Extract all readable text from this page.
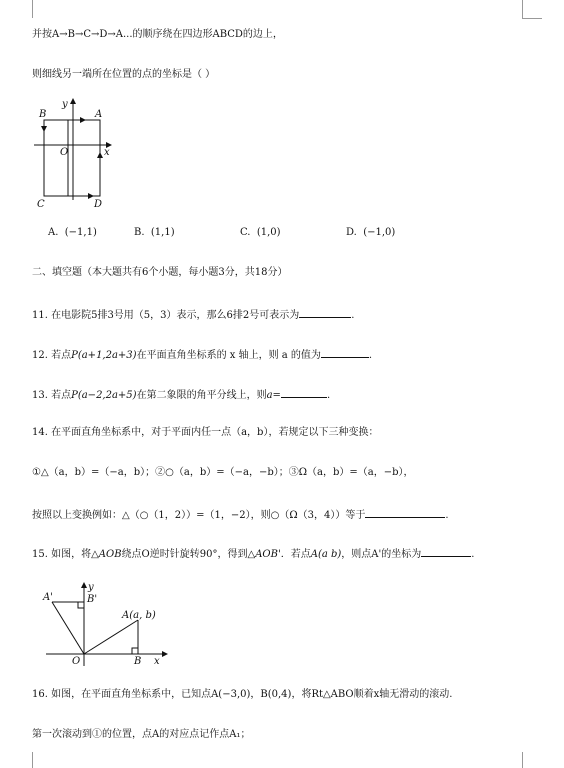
并按A→B→C→D→A...的顺序绕在四边形ABCD的边上，
则细线另一端所在位置的点的坐标是（ ）
y
B	A
O	x
C	D
A. (−1,1)	B. (1,1)	C. (1,0)	D. (−1,0)
二、填空题（本大题共有6个小题，每小题3分，共18分）
11. 在电影院5排3号用（5，3）表示，那么6排2号可表示为	.
12. 若点P(a+1,2a+3)在平面直角坐标系的 x 轴上，则 a 的值为	.
13. 若点P(a−2,2a+5)在第二象限的角平分线上，则a=	.
14. 在平面直角坐标系中，对于平面内任一点（a，b），若规定以下三种变换：
①△（a，b）=（−a，b）；②○（a，b）=（−a，−b）；③Ω（a，b）=（a，−b），
按照以上变换例如：△（○（1，2））=（1，−2），则○（Ω（3，4））等于	.
15. 如图，将△AOB绕点O逆时针旋转90°，得到△AOB'．若点A(a b)，则点A'的坐标为	.
y
A'	B'
A(a, b)
O	B x
16. 如图，在平面直角坐标系中，已知点A(−3,0)，B(0,4)，将Rt△ABO顺着x轴无滑动的滚动.
第一次滚动到①的位置，点A的对应点记作点A₁；
